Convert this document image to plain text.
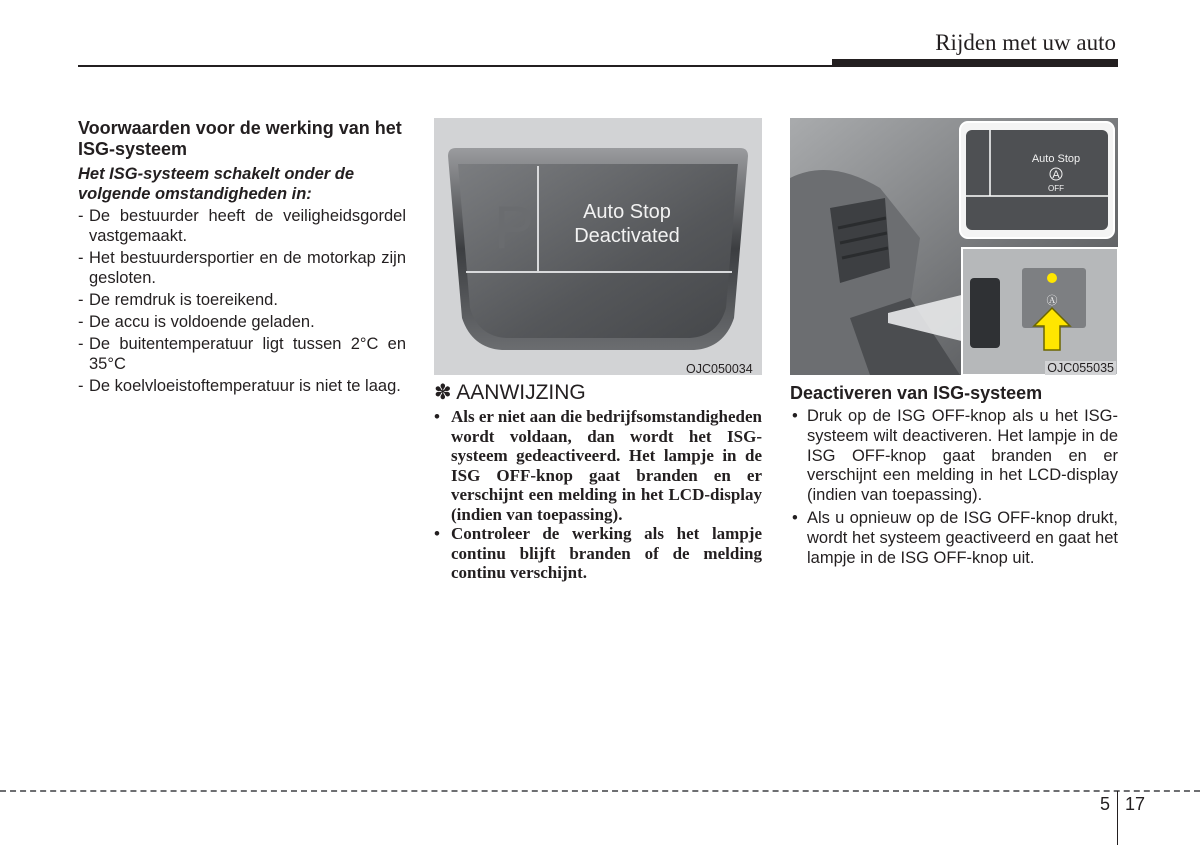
Rijden met uw auto
Voorwaarden voor de werking van het ISG-systeem

Het ISG-systeem schakelt onder de volgende omstandigheden in:

- De bestuurder heeft de veiligheidsgordel vastgemaakt.
- Het bestuurdersportier en de motorkap zijn gesloten.
- De remdruk is toereikend.
- De accu is voldoende geladen.
- De buitentemperatuur ligt tussen 2°C en 35°C
- De koelvloeistoftemperatuur is niet te laag.
P Auto Stop
Deactivated
OJC050034
✽ AANWIJZING
• Als er niet aan die bedrijfsomstandigheden wordt voldaan, dan wordt het ISG-systeem gedeactiveerd. Het lampje in de ISG OFF-knop gaat branden en er verschijnt een melding in het LCD-display (indien van toepassing).
• Controleer de werking als het lampje continu blijft branden of de melding continu verschijnt.
Ⓐ
Auto Stop
A
OFF
OJC055035
Deactiveren van ISG-systeem
• Druk op de ISG OFF-knop als u het ISG-systeem wilt deactiveren. Het lampje in de ISG OFF-knop gaat branden en er verschijnt een melding in het LCD-display (indien van toepassing).
• Als u opnieuw op de ISG OFF-knop drukt, wordt het systeem geactiveerd en gaat het lampje in de ISG OFF-knop uit.
5 17
